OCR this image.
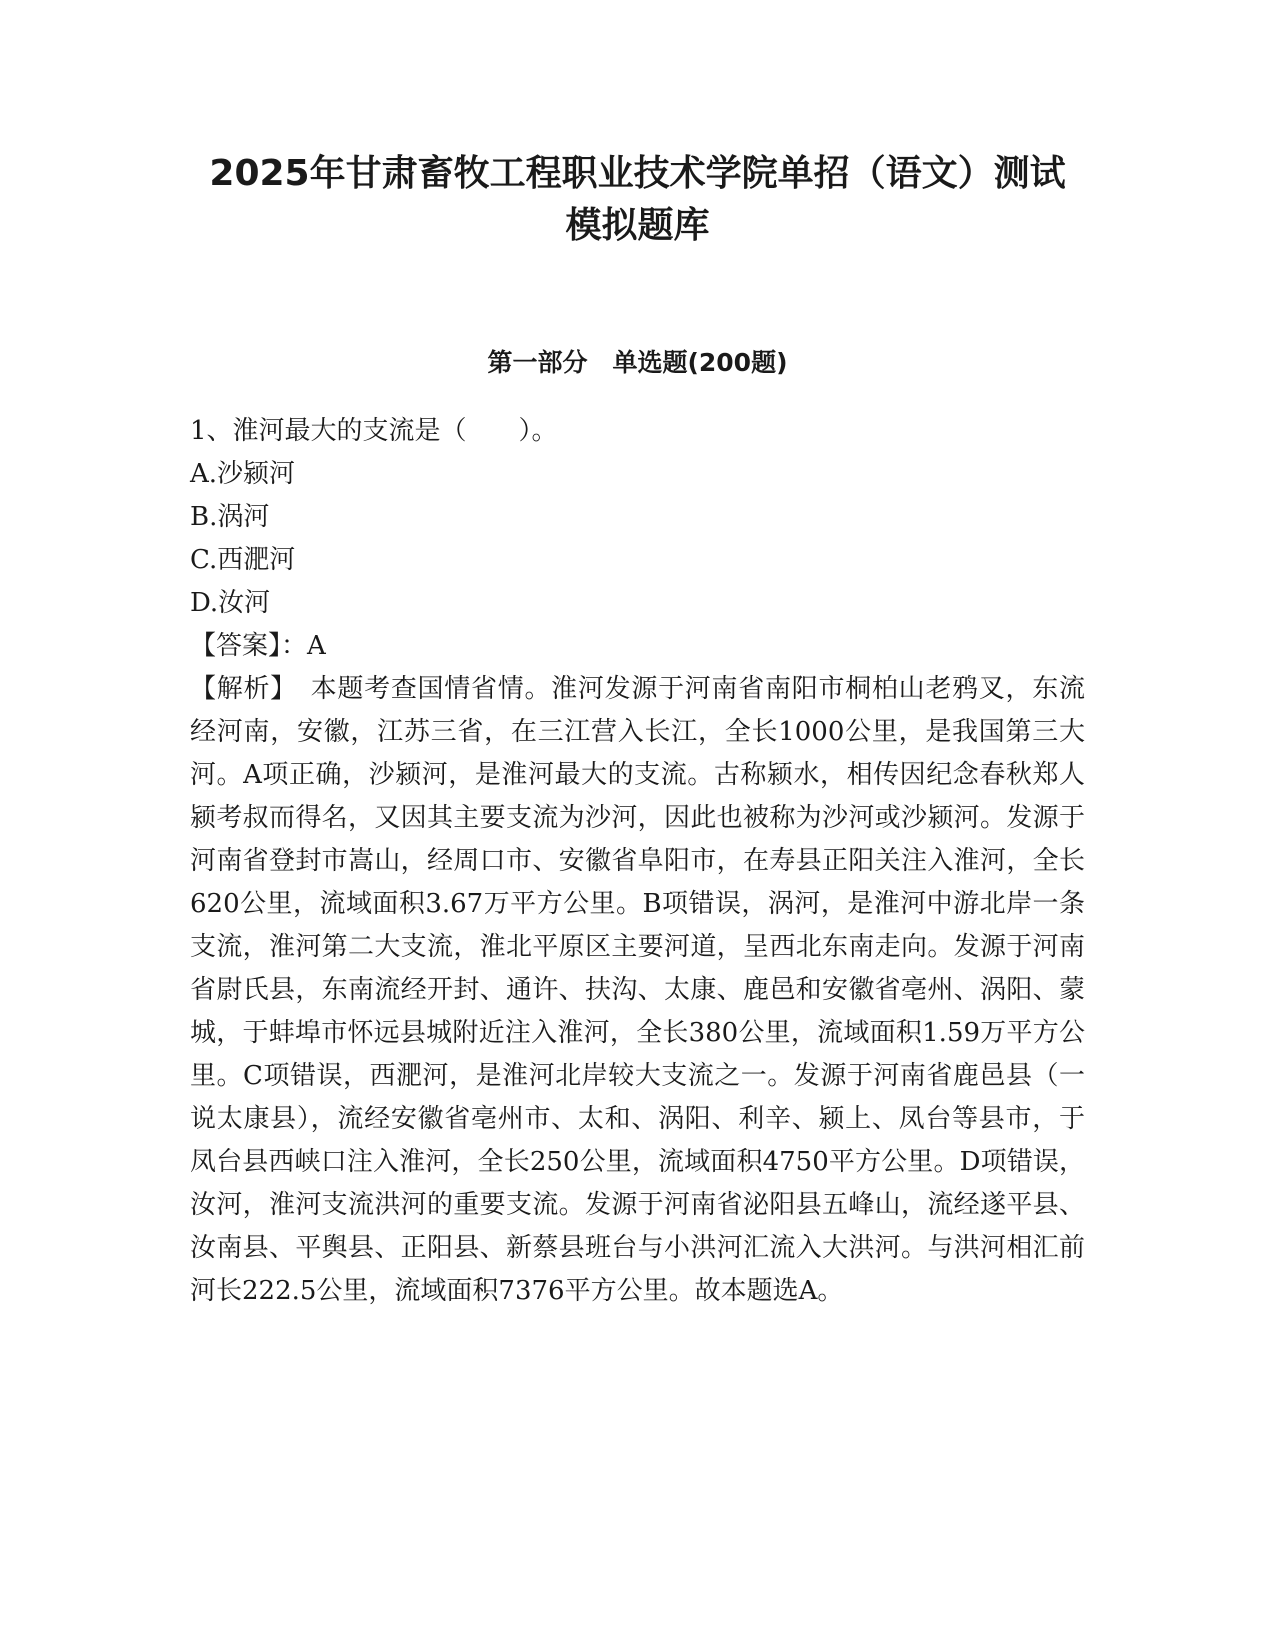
2025年甘肃畜牧工程职业技术学院单招（语文）测试
模拟题库
第一部分　单选题(200题)

1、淮河最大的支流是（　　）。

A.沙颍河

B.涡河

C.西淝河

D.汝河

【答案】：A

【解析】　本题考查国情省情。淮河发源于河南省南阳市桐柏山老鸦叉，东流经河南，安徽，江苏三省，在三江营入长江，全长1000公里，是我国第三大河。A项正确，沙颍河，是淮河最大的支流。古称颍水，相传因纪念春秋郑人颍考叔而得名，又因其主要支流为沙河，因此也被称为沙河或沙颍河。发源于河南省登封市嵩山，经周口市、安徽省阜阳市，在寿县正阳关注入淮河，全长620公里，流域面积3.67万平方公里。B项错误，涡河，是淮河中游北岸一条支流，淮河第二大支流，淮北平原区主要河道，呈西北东南走向。发源于河南省尉氏县，东南流经开封、通许、扶沟、太康、鹿邑和安徽省亳州、涡阳、蒙城，于蚌埠市怀远县城附近注入淮河，全长380公里，流域面积1.59万平方公里。C项错误，西淝河，是淮河北岸较大支流之一。发源于河南省鹿邑县（一说太康县），流经安徽省亳州市、太和、涡阳、利辛、颍上、凤台等县市，于凤台县西峡口注入淮河，全长250公里，流域面积4750平方公里。D项错误，汝河，淮河支流洪河的重要支流。发源于河南省泌阳县五峰山，流经遂平县、汝南县、平舆县、正阳县、新蔡县班台与小洪河汇流入大洪河。与洪河相汇前河长222.5公里，流域面积7376平方公里。故本题选A。
